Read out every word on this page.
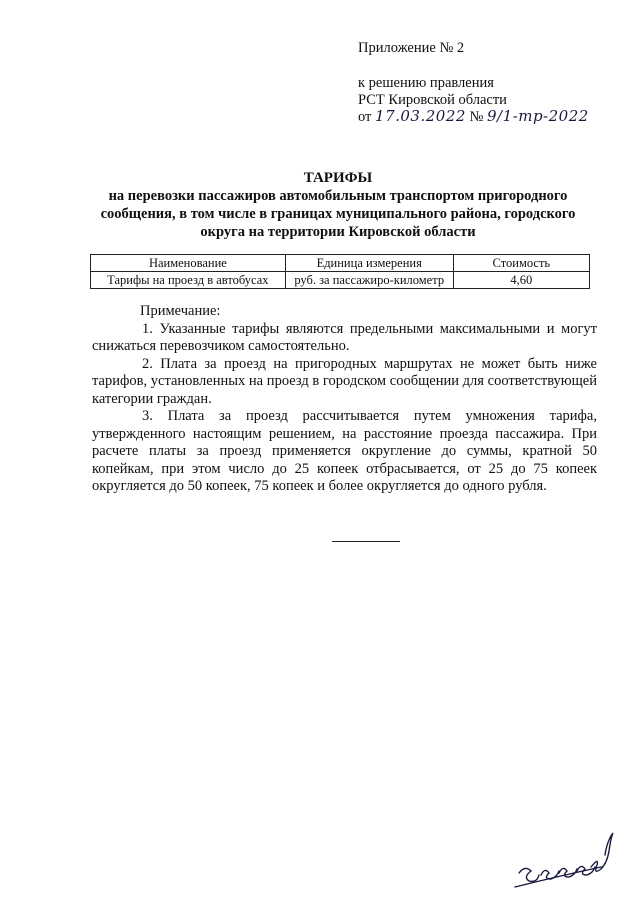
Приложение № 2
к решению правления
РСТ Кировской области
от 17.03.2022 № 9/1-тр-2022
ТАРИФЫ
на перевозки пассажиров автомобильным транспортом пригородного
сообщения, в том числе в границах муниципального района, городского
округа на территории Кировской области
Наименование	Единица измерения	Стоимость
Тарифы на проезд в автобусах	руб. за пассажиро-километр	4,60

Примечание:

1. Указанные тарифы являются предельными максимальными и могут снижаться перевозчиком самостоятельно.

2. Плата за проезд на пригородных маршрутах не может быть ниже тарифов, установленных на проезд в городском сообщении для соответствующей категории граждан.

3. Плата за проезд рассчитывается путем умножения тарифа, утвержденного настоящим решением, на расстояние проезда пассажира. При расчете платы за проезд применяется округление до суммы, кратной 50 копейкам, при этом число до 25 копеек отбрасывается, от 25 до 75 копеек округляется до 50 копеек, 75 копеек и более округляется до одного рубля.
